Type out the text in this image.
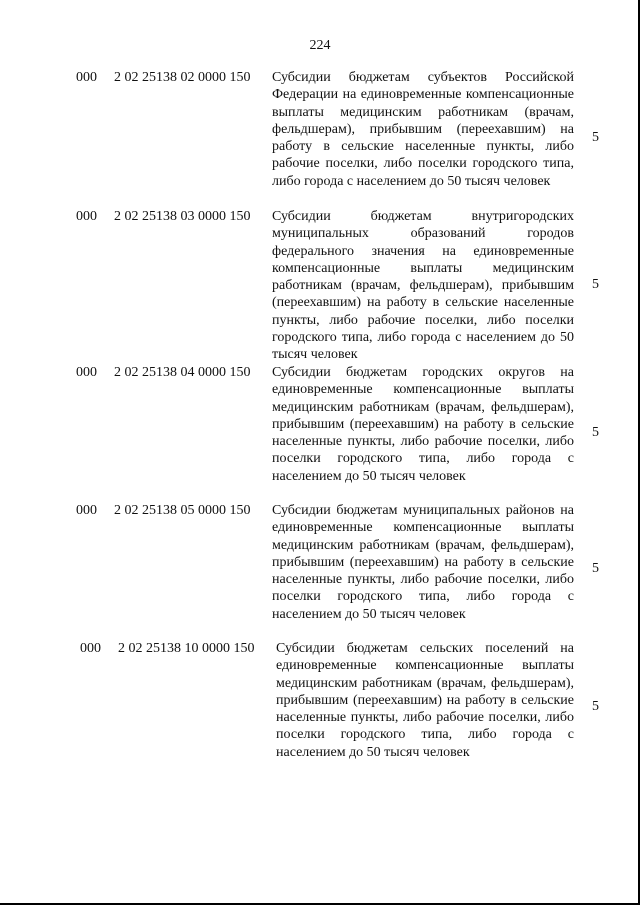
224
000 2 02 25138 02 0000 150 Субсидии бюджетам субъектов Российской Федерации на единовременные компенсационные выплаты медицинским работникам (врачам, фельдшерам), прибывшим (переехавшим) на работу в сельские населенные пункты, либо рабочие поселки, либо поселки городского типа, либо города с населением до 50 тысяч человек
5
000 2 02 25138 03 0000 150 Субсидии бюджетам внутригородских муниципальных образований городов федерального значения на единовременные компенсационные выплаты медицинским работникам (врачам, фельдшерам), прибывшим (переехавшим) на работу в сельские населенные пункты, либо рабочие поселки, либо поселки городского типа, либо города с населением до 50 тысяч человек
5
000 2 02 25138 04 0000 150 Субсидии бюджетам городских округов на единовременные компенсационные выплаты медицинским работникам (врачам, фельдшерам), прибывшим (переехавшим) на работу в сельские населенные пункты, либо рабочие поселки, либо поселки городского типа, либо города с населением до 50 тысяч человек
5
000 2 02 25138 05 0000 150 Субсидии бюджетам муниципальных районов на единовременные компенсационные выплаты медицинским работникам (врачам, фельдшерам), прибывшим (переехавшим) на работу в сельские населенные пункты, либо рабочие поселки, либо поселки городского типа, либо города с населением до 50 тысяч человек
5
000 2 02 25138 10 0000 150 Субсидии бюджетам сельских поселений на единовременные компенсационные выплаты медицинским работникам (врачам, фельдшерам), прибывшим (переехавшим) на работу в сельские населенные пункты, либо рабочие поселки, либо поселки городского типа, либо города с населением до 50 тысяч человек
5
